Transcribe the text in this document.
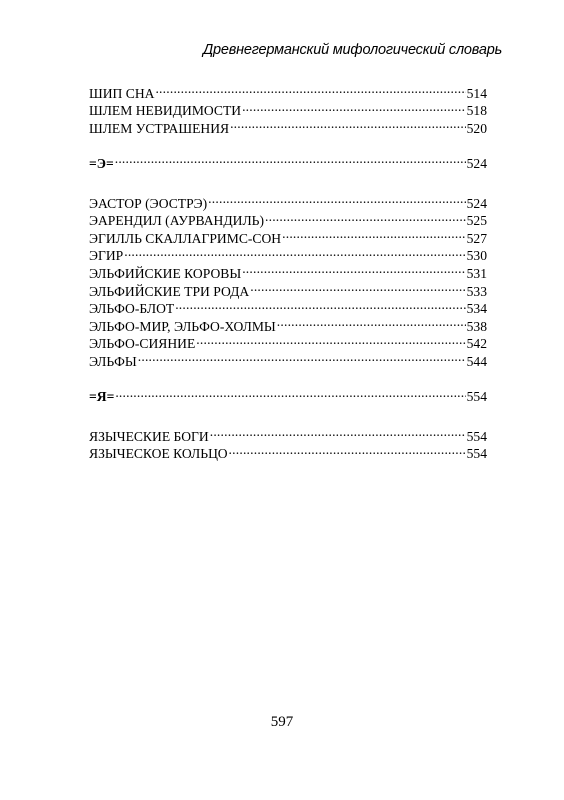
Древнегерманский мифологический словарь
ШИП СНА .....	514
ШЛЕМ НЕВИДИМОСТИ .....	518
ШЛЕМ УСТРАШЕНИЯ .....	520
=Э= .....	524
ЭАСТОР (ЭОСТРЭ) .....	524
ЭАРЕНДИЛ (АУРВАНДИЛЬ) .....	525
ЭГИЛЛЬ СКАЛЛАГРИМС-СОН .....	527
ЭГИР .....	530
ЭЛЬФИЙСКИЕ КОРОВЫ .....	531
ЭЛЬФИЙСКИЕ ТРИ РОДА .....	533
ЭЛЬФО-БЛОТ .....	534
ЭЛЬФО-МИР, ЭЛЬФО-ХОЛМЫ .....	538
ЭЛЬФО-СИЯНИЕ .....	542
ЭЛЬФЫ .....	544
=Я= .....	554
ЯЗЫЧЕСКИЕ БОГИ .....	554
ЯЗЫЧЕСКОЕ КОЛЬЦО .....	554
597
